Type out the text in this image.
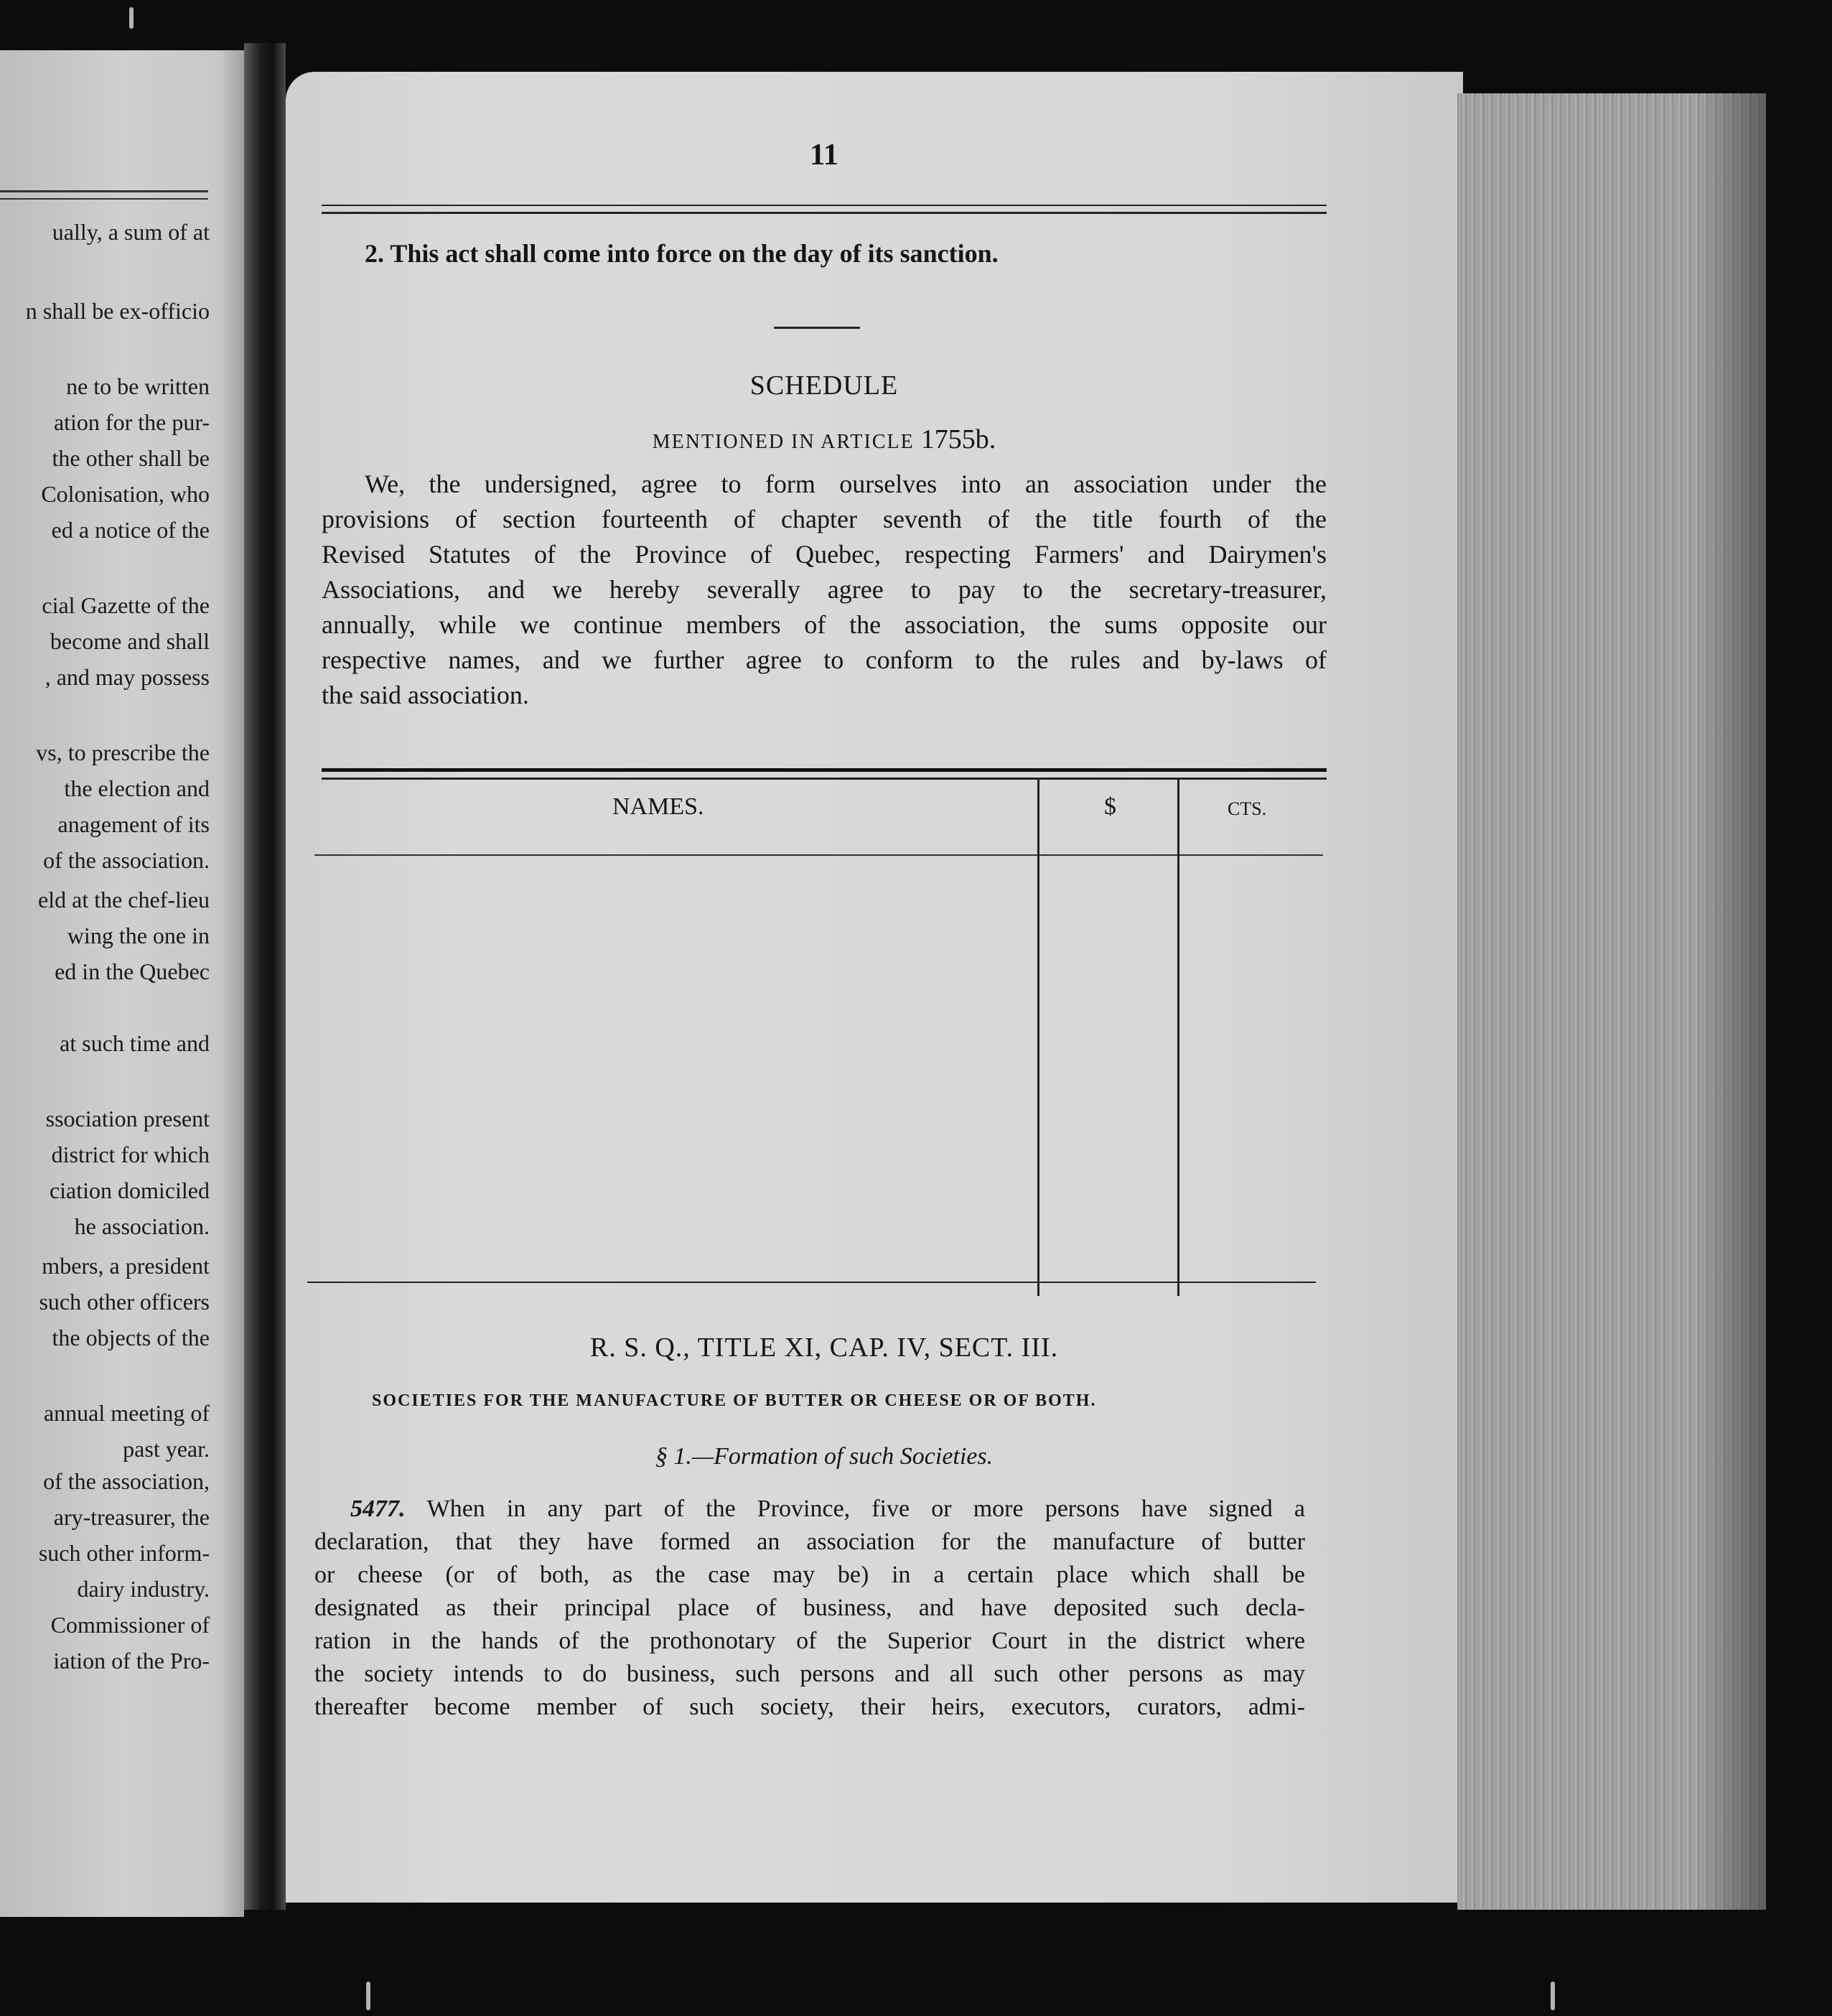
ually, a sum of at
n shall be ex-officio
ne to be written
ation for the pur-
the other shall be
Colonisation, who
ed a notice of the
cial Gazette of the
become and shall
, and may possess
vs, to prescribe the
the election and
anagement of its
of the association.
eld at the chef-lieu
wing the one in
ed in the Quebec
at such time and
ssociation present
district for which
ciation domiciled
he association.
mbers, a president
such other officers
the objects of the
annual meeting of
past year.
of the association,
ary-treasurer, the
such other inform-
dairy industry.
Commissioner of
iation of the Pro-
11
2. This act shall come into force on the day of its sanction.
SCHEDULE
MENTIONED IN ARTICLE 1755b.
We, the undersigned, agree to form ourselves into an association under the
provisions of section fourteenth of chapter seventh of the title fourth of the
Revised Statutes of the Province of Quebec, respecting Farmers' and Dairymen's
Associations, and we hereby severally agree to pay to the secretary-treasurer,
annually, while we continue members of the association, the sums opposite our
respective names, and we further agree to conform to the rules and by-laws of
the said association.
NAMES.	$	CTS.
R. S. Q., TITLE XI, CAP. IV, SECT. III.
SOCIETIES FOR THE MANUFACTURE OF BUTTER OR CHEESE OR OF BOTH.
§ 1.—Formation of such Societies.
5477. When in any part of the Province, five or more persons have signed a
declaration, that they have formed an association for the manufacture of butter
or cheese (or of both, as the case may be) in a certain place which shall be
designated as their principal place of business, and have deposited such decla-
ration in the hands of the prothonotary of the Superior Court in the district where
the society intends to do business, such persons and all such other persons as may
thereafter become member of such society, their heirs, executors, curators, admi-
